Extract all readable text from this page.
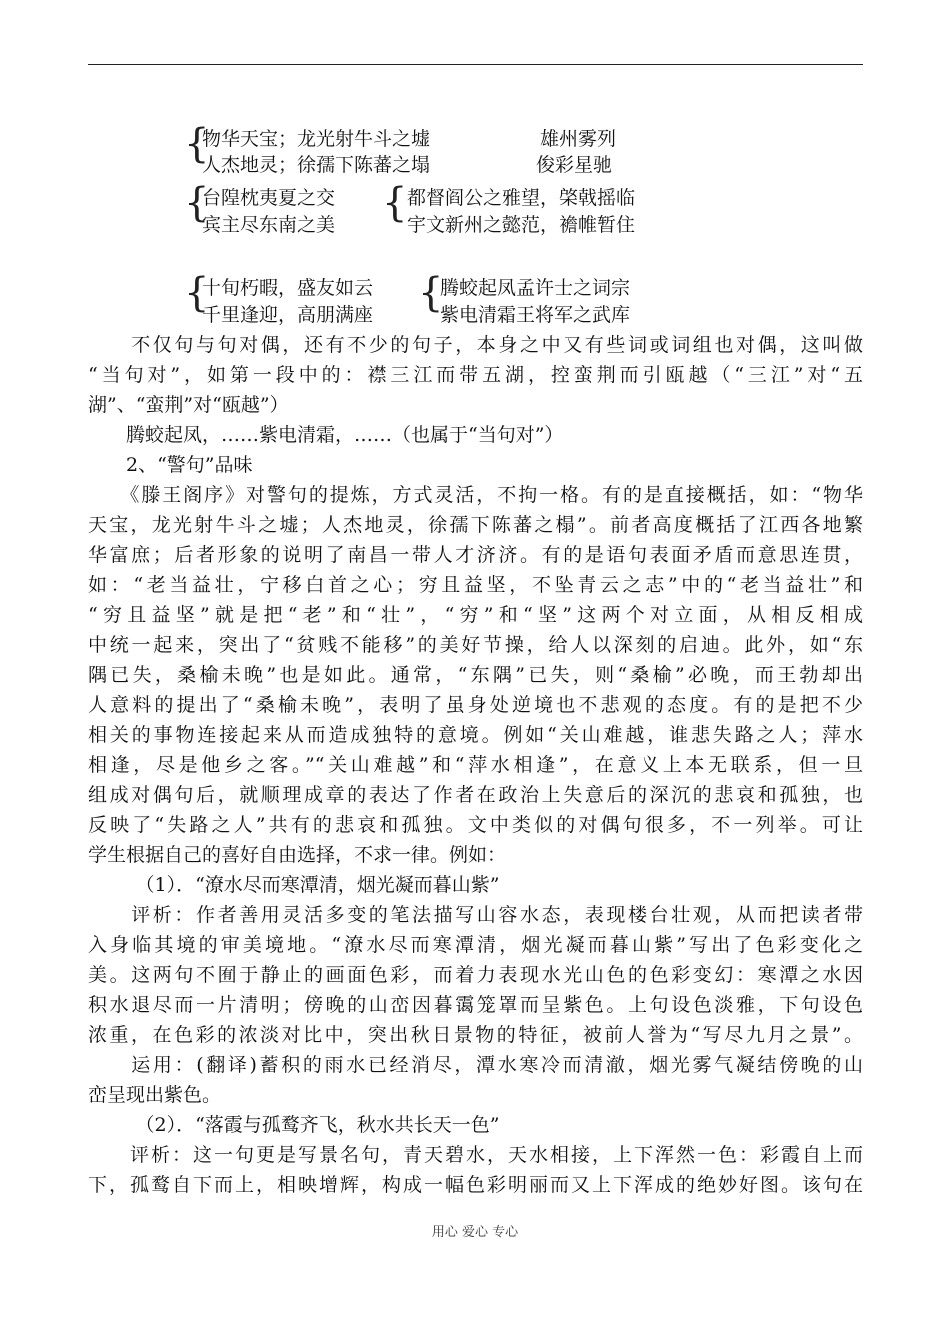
{
物华天宝；龙光射牛斗之墟
人杰地灵；徐孺下陈蕃之塌
雄州雾列
俊彩星驰
{
台隍枕夷夏之交
宾主尽东南之美 { 都督阎公之雅望，棨戟摇临
宇文新州之懿范，襜帷暂住
{
十旬朽暇，盛友如云
千里逢迎，高朋满座 {
腾蛟起凤孟许士之词宗
紫电清霜王将军之武库
　　不仅句与句对偶，还有不少的句子，本身之中又有些词或词组也对偶，这叫做
“当句对”，如第一段中的：襟三江而带五湖，控蛮荆而引瓯越（“三江”对“五
湖”、“蛮荆”对“瓯越”）
　　腾蛟起凤，……紫电清霜，……（也属于“当句对”）
　　2、“警句”品味
　　《滕王阁序》对警句的提炼，方式灵活，不拘一格。有的是直接概括，如：“物华
天宝，龙光射牛斗之墟；人杰地灵，徐孺下陈蕃之榻”。前者高度概括了江西各地繁
华富庶；后者形象的说明了南昌一带人才济济。有的是语句表面矛盾而意思连贯，
如：“老当益壮，宁移白首之心；穷且益坚，不坠青云之志”中的“老当益壮”和
“穷且益坚”就是把“老”和“壮”，“穷”和“坚”这两个对立面，从相反相成
中统一起来，突出了“贫贱不能移”的美好节操，给人以深刻的启迪。此外，如“东
隅已失，桑榆未晚”也是如此。通常，“东隅”已失，则“桑榆”必晚，而王勃却出
人意料的提出了“桑榆未晚”，表明了虽身处逆境也不悲观的态度。有的是把不少
相关的事物连接起来从而造成独特的意境。例如“关山难越，谁悲失路之人；萍水
相逢，尽是他乡之客。”“关山难越”和“萍水相逢”，在意义上本无联系，但一旦
组成对偶句后，就顺理成章的表达了作者在政治上失意后的深沉的悲哀和孤独，也
反映了“失路之人”共有的悲哀和孤独。文中类似的对偶句很多，不一列举。可让
学生根据自己的喜好自由选择，不求一律。例如：
　　　（1）．“潦水尽而寒潭清，烟光凝而暮山紫”
　　评析：作者善用灵活多变的笔法描写山容水态，表现楼台壮观，从而把读者带
入身临其境的审美境地。“潦水尽而寒潭清，烟光凝而暮山紫”写出了色彩变化之
美。这两句不囿于静止的画面色彩，而着力表现水光山色的色彩变幻：寒潭之水因
积水退尽而一片清明；傍晚的山峦因暮霭笼罩而呈紫色。上句设色淡雅，下句设色
浓重，在色彩的浓淡对比中，突出秋日景物的特征，被前人誉为“写尽九月之景”。
　　运用：(翻译)蓄积的雨水已经消尽，潭水寒冷而清澈，烟光雾气凝结傍晚的山
峦呈现出紫色。
　　　（2）．“落霞与孤鹜齐飞，秋水共长天一色”
　　评析：这一句更是写景名句，青天碧水，天水相接，上下浑然一色：彩霞自上而
下，孤鹜自下而上，相映增辉，构成一幅色彩明丽而又上下浑成的绝妙好图。该句在
用心 爱心 专心
